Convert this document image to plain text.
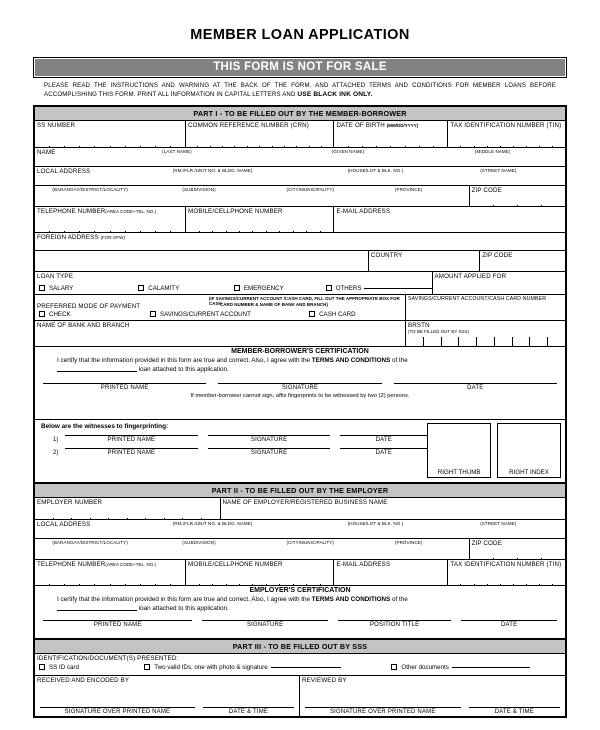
MEMBER LOAN APPLICATION
THIS FORM IS NOT FOR SALE
PLEASE READ THE INSTRUCTIONS AND WARNING AT THE BACK OF THE FORM, AND ATTACHED TERMS AND CONDITIONS FOR MEMBER LOANS BEFORE ACCOMPLISHING THIS FORM. PRINT ALL INFORMATION IN CAPITAL LETTERS AND USE BLACK INK ONLY.
PART I - TO BE FILLED OUT BY THE MEMBER-BORROWER
SS NUMBER	COMMON REFERENCE NUMBER (CRN)	DATE OF BIRTH (MM/DD/YYYY)	TAX IDENTIFICATION NUMBER (TIN)
NAME	(LAST NAME)	(GIVEN NAME)	(MIDDLE NAME)
LOCAL ADDRESS	(RM./FLR./UNIT NO. & BLDG. NAME)	(HOUSE/LOT & BLK. NO.)	(STREET NAME)
(BARANGAY/DISTRICT/LOCALITY)	(SUBDIVISION)	(CITY/MUNICIPALITY)	(PROVINCE)	ZIP CODE
TELEPHONE NUMBER(AREA CODE+TEL. NO.)	MOBILE/CELLPHONE NUMBER	E-MAIL ADDRESS
FOREIGN ADDRESS (FOR OFW)
COUNTRY	ZIP CODE
LOAN TYPE
SALARY	CALAMITY	EMERGENCY	OTHERS
AMOUNT APPLIED FOR
PREFERRED MODE OF PAYMENT
(IF SAVINGS/CURRENT ACCOUNT /CASH CARD, FILL OUT THE APPROPRIATE BOX FOR CASH
CARD NUMBER & NAME OF BANK AND BRANCH)
CHECK	SAVINGS/CURRENT ACCOUNT	CASH CARD
SAVINGS/CURRENT ACCOUNT/CASH CARD NUMBER
NAME OF BANK AND BRANCH	BRSTN
(TO BE FILLED OUT BY SSS)
MEMBER-BORROWER'S CERTIFICATION
I certify that the information provided in this form are true and correct. Also, I agree with the TERMS AND CONDITIONS of the
loan attached to this application.
PRINTED NAME	SIGNATURE	DATE
If member-borrower cannot sign, affix fingerprints to be witnessed by two (2) persons.
Below are the witnesses to fingerprinting:
1)	PRINTED NAME	SIGNATURE	DATE
2)	PRINTED NAME	SIGNATURE	DATE
RIGHT THUMB	RIGHT INDEX
PART II - TO BE FILLED OUT BY THE EMPLOYER
EMPLOYER NUMBER	NAME OF EMPLOYER/REGISTERED BUSINESS NAME
LOCAL ADDRESS	(RM./FLR./UNIT NO. & BLDG. NAME)	(HOUSE/LOT & BLK. NO.)	(STREET NAME)
(BARANGAY/DISTRICT/LOCALITY)	(SUBDIVISION)	(CITY/MUNICIPALITY)	(PROVINCE)	ZIP CODE
TELEPHONE NUMBER(AREA CODE+TEL. NO.)	MOBILE/CELLPHONE NUMBER	E-MAIL ADDRESS	TAX IDENTIFICATION NUMBER (TIN)
EMPLOYER'S CERTIFICATION
I certify that the information provided in this form are true and correct. Also, I agree with the TERMS AND CONDITIONS of the
loan attached to this application.
PRINTED NAME	SIGNATURE	POSITION TITLE	DATE
PART III - TO BE FILLED OUT BY SSS
IDENTIFICATION/DOCUMENT(S) PRESENTED:
SS ID card	Two valid IDs, one with photo & signature	Other documents
RECEIVED AND ENCODED BY
SIGNATURE OVER PRINTED NAME	DATE & TIME
REVIEWED BY
SIGNATURE OVER PRINTED NAME	DATE & TIME
